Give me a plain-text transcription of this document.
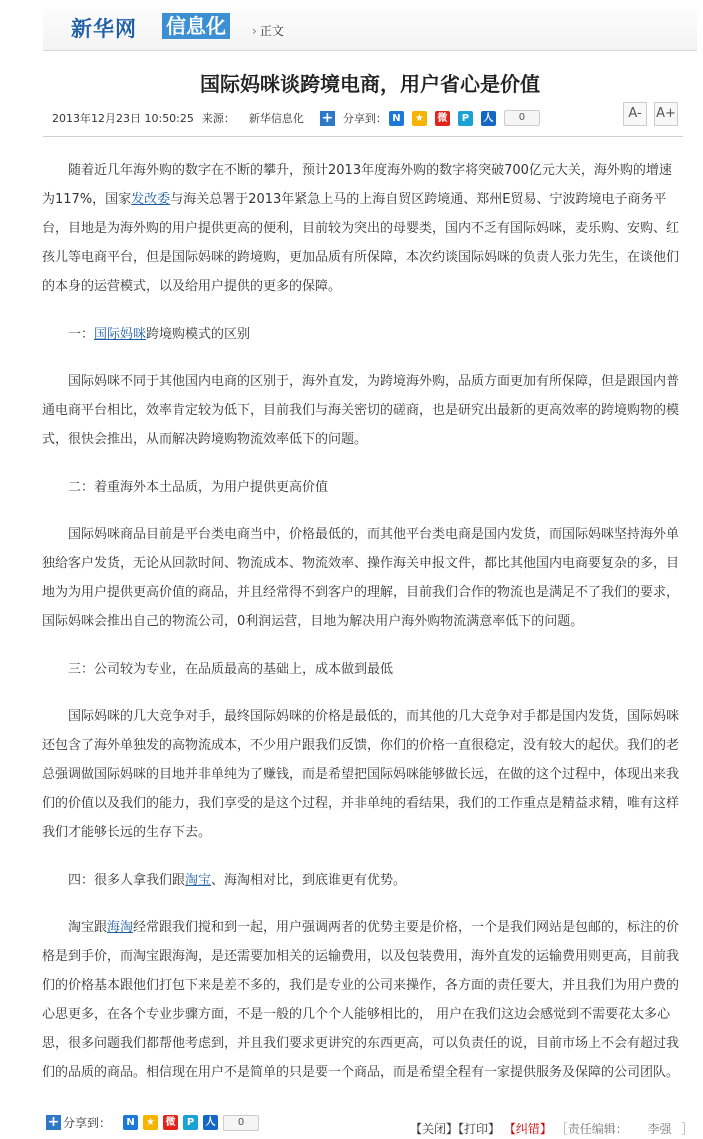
新华网 信息化	› 正文
国际妈咪谈跨境电商，用户省心是价值
2013年12月23日 10:50:25 来源： 新华信息化	+ 分享到： N	★	微	P	人	0	A-	A+

随着近几年海外购的数字在不断的攀升，预计2013年度海外购的数字将突破700亿元大关，海外购的增速为117%，国家发改委与海关总署于2013年紧急上马的上海自贸区跨境通、郑州E贸易、宁波跨境电子商务平台，目地是为海外购的用户提供更高的便利，目前较为突出的母婴类，国内不乏有国际妈咪，麦乐购、安购、红孩儿等电商平台，但是国际妈咪的跨境购，更加品质有所保障，本次约谈国际妈咪的负责人张力先生，在谈他们的本身的运营模式，以及给用户提供的更多的保障。

一：国际妈咪跨境购模式的区别

国际妈咪不同于其他国内电商的区别于，海外直发，为跨境海外购，品质方面更加有所保障，但是跟国内普通电商平台相比，效率肯定较为低下，目前我们与海关密切的磋商，也是研究出最新的更高效率的跨境购物的模式，很快会推出，从而解决跨境购物流效率低下的问题。

二：着重海外本土品质，为用户提供更高价值

国际妈咪商品目前是平台类电商当中，价格最低的，而其他平台类电商是国内发货，而国际妈咪坚持海外单独给客户发货，无论从回款时间、物流成本、物流效率、操作海关申报文件，都比其他国内电商要复杂的多，目地为为用户提供更高价值的商品，并且经常得不到客户的理解，目前我们合作的物流也是满足不了我们的要求，国际妈咪会推出自己的物流公司，0利润运营，目地为解决用户海外购物流满意率低下的问题。

三：公司较为专业，在品质最高的基础上，成本做到最低

国际妈咪的几大竞争对手，最终国际妈咪的价格是最低的，而其他的几大竞争对手都是国内发货，国际妈咪还包含了海外单独发的高物流成本，不少用户跟我们反馈，你们的价格一直很稳定，没有较大的起伏。我们的老总强调做国际妈咪的目地并非单纯为了赚钱，而是希望把国际妈咪能够做长远，在做的这个过程中，体现出来我们的价值以及我们的能力，我们享受的是这个过程，并非单纯的看结果，我们的工作重点是精益求精，唯有这样我们才能够长远的生存下去。

四：很多人拿我们跟淘宝、海淘相对比，到底谁更有优势。

淘宝跟海淘经常跟我们搅和到一起，用户强调两者的优势主要是价格，一个是我们网站是包邮的，标注的价格是到手价，而淘宝跟海淘，是还需要加相关的运输费用，以及包装费用，海外直发的运输费用则更高，目前我们的价格基本跟他们打包下来是差不多的，我们是专业的公司来操作，各方面的责任要大，并且我们为用户费的心思更多，在各个专业步骤方面，不是一般的几个个人能够相比的， 用户在我们这边会感觉到不需要花太多心思，很多问题我们都帮他考虑到，并且我们要求更讲究的东西更高，可以负责任的说，目前市场上不会有超过我们的品质的商品。相信现在用户不是简单的只是要一个商品，而是希望全程有一家提供服务及保障的公司团队。

+ 分享到：	N	★	微	P	人	0	【关闭】【打印】 【纠错】 ［责任编辑： 李强 ］
